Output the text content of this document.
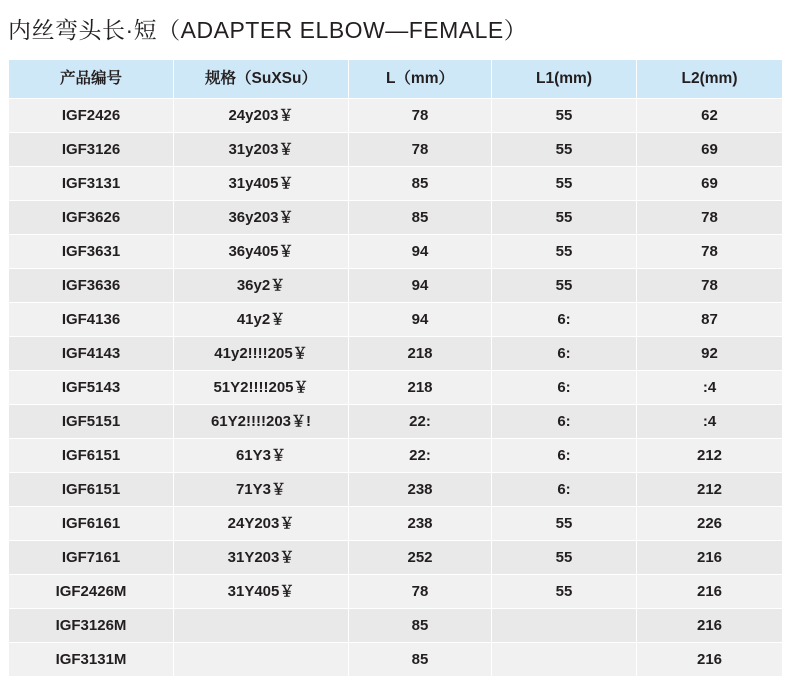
内丝弯头长·短（ADAPTER ELBOW—FEMALE）
产品编号	规格（SuXSu）	L（mm）	L1(mm)	L2(mm)
IGF2426	24y203￥	78	55	62
IGF3126	31y203￥	78	55	69
IGF3131	31y405￥	85	55	69
IGF3626	36y203￥	85	55	78
IGF3631	36y405￥	94	55	78
IGF3636	36y2￥	94	55	78
IGF4136	41y2￥	94	6:	87
IGF4143	41y2!!!!205￥	218	6:	92
IGF5143	51Y2!!!!205￥	218	6:	:4
IGF5151	61Y2!!!!203￥!	22:	6:	:4
IGF6151	61Y3￥	22:	6:	212
IGF6151	71Y3￥	238	6:	212
IGF6161	24Y203￥	238	55	226
IGF7161	31Y203￥	252	55	216
IGF2426M	31Y405￥	78	55	216
IGF3126M		85		216
IGF3131M		85		216
